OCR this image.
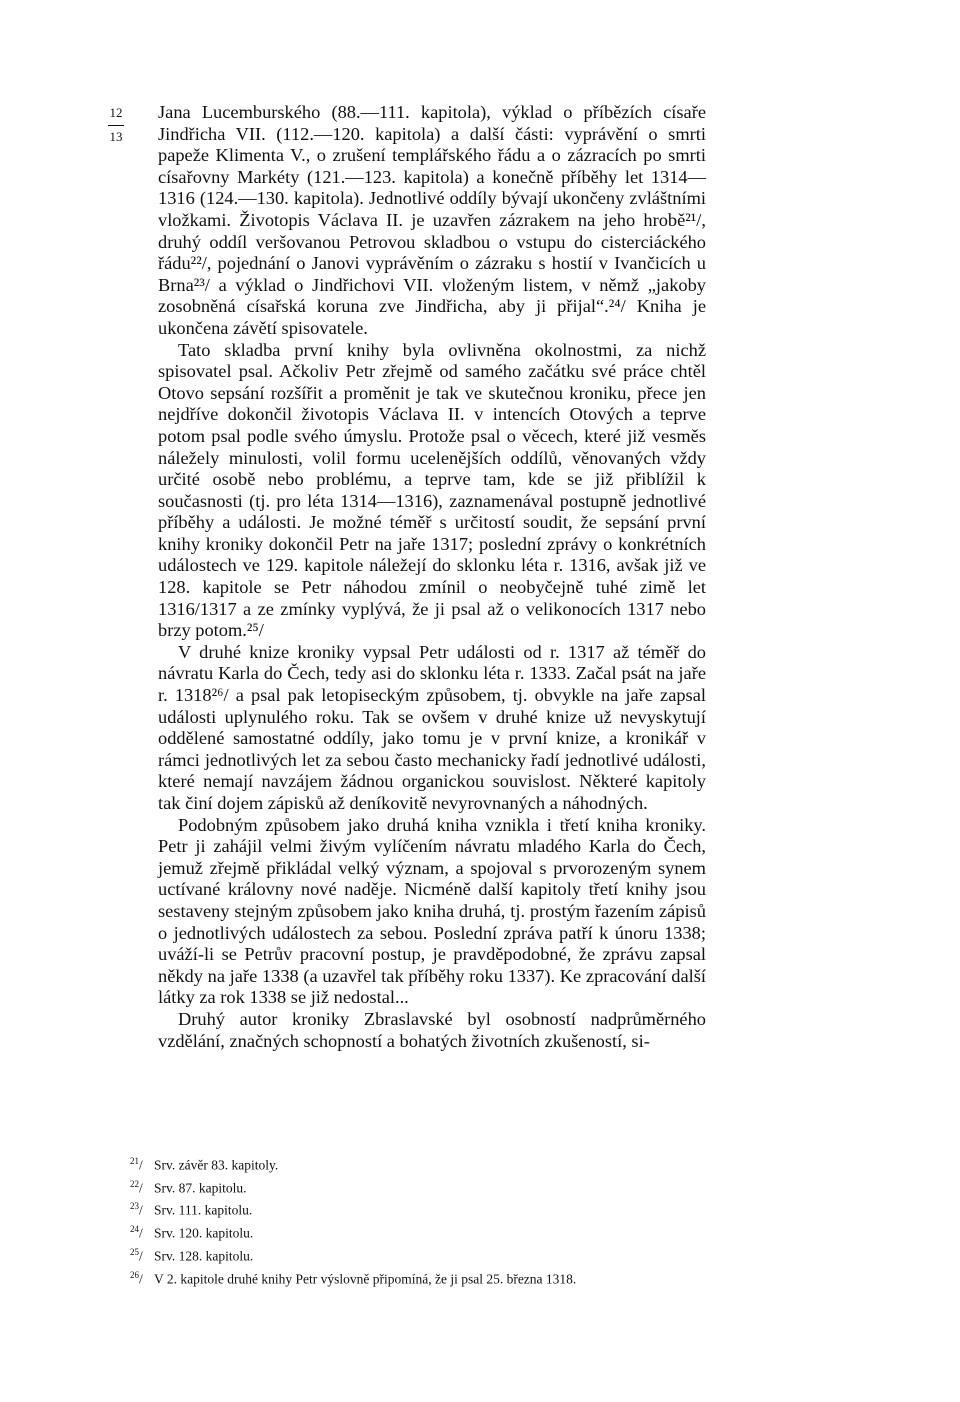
12
13

Jana Lucemburského (88.—111. kapitola), výklad o příbězích císaře Jindřicha VII. (112.—120. kapitola) a další části: vyprávění o smrti papeže Klimenta V., o zrušení templářského řádu a o zázracích po smrti císařovny Markéty (121.—123. kapitola) a konečně příběhy let 1314—1316 (124.—130. kapitola). Jednotlivé oddíly bývají ukončeny zvláštními vložkami. Životopis Václava II. je uzavřen zázrakem na jeho hrobě²¹/, druhý oddíl veršovanou Petrovou skladbou o vstupu do cisterciáckého řádu²²/, pojednání o Janovi vyprávěním o zázraku s hostií v Ivančicích u Brna²³/ a výklad o Jindřichovi VII. vloženým listem, v němž „jakoby zosobněná císařská koruna zve Jindřicha, aby ji přijal“.²⁴/ Kniha je ukončena závětí spisovatele.

Tato skladba první knihy byla ovlivněna okolnostmi, za nichž spisovatel psal. Ačkoliv Petr zřejmě od samého začátku své práce chtěl Otovo sepsání rozšířit a proměnit je tak ve skutečnou kroniku, přece jen nejdříve dokončil životopis Václava II. v intencích Otových a teprve potom psal podle svého úmyslu. Protože psal o věcech, které již vesměs náležely minulosti, volil formu ucelenějších oddílů, věnovaných vždy určité osobě nebo problému, a teprve tam, kde se již přiblížil k současnosti (tj. pro léta 1314—1316), zaznamenával postupně jednotlivé příběhy a události. Je možné téměř s určitostí soudit, že sepsání první knihy kroniky dokončil Petr na jaře 1317; poslední zprávy o konkrétních událostech ve 129. kapitole náležejí do sklonku léta r. 1316, avšak již ve 128. kapitole se Petr náhodou zmínil o neobyčejně tuhé zimě let 1316/1317 a ze zmínky vyplývá, že ji psal až o velikonocích 1317 nebo brzy potom.²⁵/

V druhé knize kroniky vypsal Petr události od r. 1317 až téměř do návratu Karla do Čech, tedy asi do sklonku léta r. 1333. Začal psát na jaře r. 1318²⁶/ a psal pak letopiseckým způsobem, tj. obvykle na jaře zapsal události uplynulého roku. Tak se ovšem v druhé knize už nevyskytují oddělené samostatné oddíly, jako tomu je v první knize, a kronikář v rámci jednotlivých let za sebou často mechanicky řadí jednotlivé události, které nemají navzájem žádnou organickou souvislost. Některé kapitoly tak činí dojem zápisků až deníkovitě nevyrovnaných a náhodných.

Podobným způsobem jako druhá kniha vznikla i třetí kniha kroniky. Petr ji zahájil velmi živým vylíčením návratu mladého Karla do Čech, jemuž zřejmě přikládal velký význam, a spojoval s prvorozeným synem uctívané královny nové naděje. Nicméně další kapitoly třetí knihy jsou sestaveny stejným způsobem jako kniha druhá, tj. prostým řazením zápisů o jednotlivých událostech za sebou. Poslední zpráva patří k únoru 1338; uváží-li se Petrův pracovní postup, je pravděpodobné, že zprávu zapsal někdy na jaře 1338 (a uzavřel tak příběhy roku 1337). Ke zpracování další látky za rok 1338 se již nedostal...

Druhý autor kroniky Zbraslavské byl osobností nadprůměrného vzdělání, značných schopností a bohatých životních zkušeností, si-

$^{21}$/ Srv. závěr 83. kapitoly.
$^{22}$/ Srv. 87. kapitolu.
$^{23}$/ Srv. 111. kapitolu.
$^{24}$/ Srv. 120. kapitolu.
$^{25}$/ Srv. 128. kapitolu.
$^{26}$/ V 2. kapitole druhé knihy Petr výslovně připomíná, že ji psal 25. března 1318.
